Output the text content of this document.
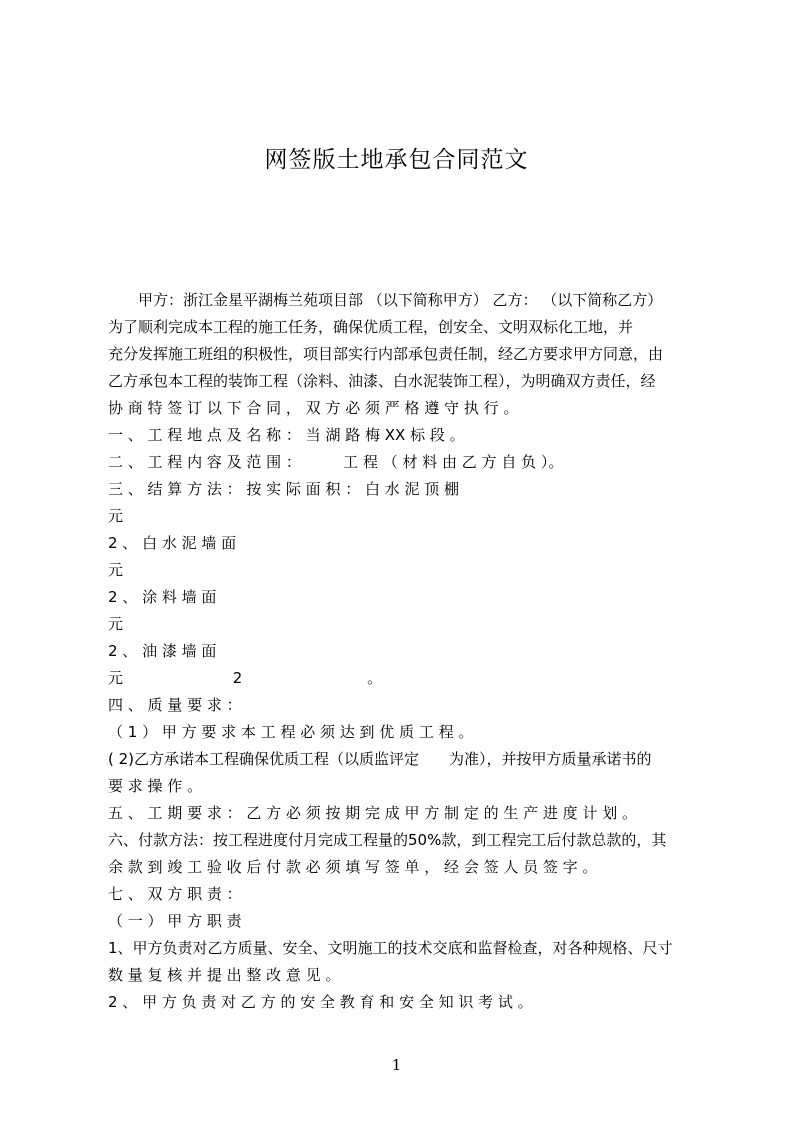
网签版土地承包合同范文
　　甲方：浙江金星平湖梅兰苑项目部 （以下简称甲方） 乙方： （以下简称乙方）
为了顺利完成本工程的施工任务，确保优质工程，创安全、文明双标化工地，并
充分发挥施工班组的积极性，项目部实行内部承包责任制，经乙方要求甲方同意，由
乙方承包本工程的装饰工程（涂料、油漆、白水泥装饰工程），为明确双方责任，经
协 商 特 签 订 以 下 合 同 ， 双 方 必 须 严 格 遵 守 执 行 。
一 、 工 程 地 点 及 名 称 ： 当 湖 路 梅 XX 标 段 。
二 、 工 程 内 容 及 范 围 ：　　　 工 程 （ 材 料 由 乙 方 自 负 ）。
三 、 结 算 方 法 ： 按 实 际 面 积 ： 白 水 泥 顶 棚
元
2 、 白 水 泥 墙 面
元
2 、 涂 料 墙 面
元
2 、 油 漆 墙 面
元　　　　　　　 2　　　　　　　　 。
四 、 质 量 要 求 ：
（ 1 ） 甲 方 要 求 本 工 程 必 须 达 到 优 质 工 程 。
( 2)乙方承诺本工程确保优质工程（以质监评定　　为准），并按甲方质量承诺书的
要 求 操 作 。
五 、 工 期 要 求 ： 乙 方 必 须 按 期 完 成 甲 方 制 定 的 生 产 进 度 计 划 。
六、付款方法：按工程进度付月完成工程量的50%款，到工程完工后付款总款的，其
余 款 到 竣 工 验 收 后 付 款 必 须 填 写 签 单 ， 经 会 签 人 员 签 字 。
七 、 双 方 职 责 ：
（ 一 ） 甲 方 职 责
1、甲方负责对乙方质量、安全、文明施工的技术交底和监督检查，对各种规格、尺寸
数 量 复 核 并 提 出 整 改 意 见 。
2 、 甲 方 负 责 对 乙 方 的 安 全 教 育 和 安 全 知 识 考 试 。
1
